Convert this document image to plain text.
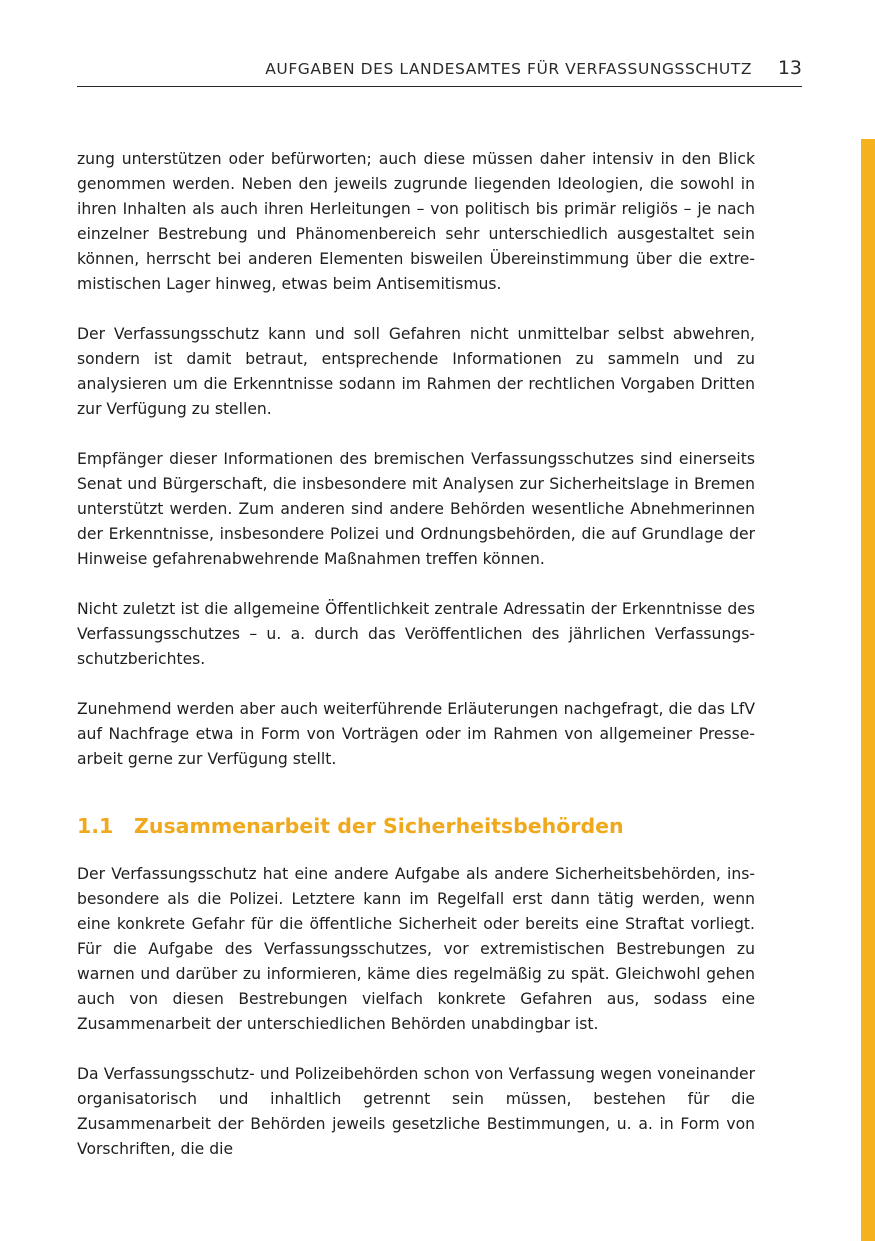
AUFGABEN DES LANDESAMTES FÜR VERFASSUNGSSCHUTZ 13

zung unterstützen oder befürworten; auch diese müssen daher intensiv in den Blick genommen werden. Neben den jeweils zugrunde liegenden Ideologien, die sowohl in ihren Inhalten als auch ihren Herleitungen – von politisch bis primär religiös – je nach einzelner Bestrebung und Phänomenbereich sehr unterschiedlich ausgestaltet sein können, herrscht bei anderen Elementen bisweilen Übereinstimmung über die extremistischen Lager hinweg, etwas beim Antisemitismus.

Der Verfassungsschutz kann und soll Gefahren nicht unmittelbar selbst abwehren, sondern ist damit betraut, entsprechende Informationen zu sammeln und zu analysieren um die Erkenntnisse sodann im Rahmen der rechtlichen Vorgaben Dritten zur Verfügung zu stellen.

Empfänger dieser Informationen des bremischen Verfassungsschutzes sind einerseits Senat und Bürgerschaft, die insbesondere mit Analysen zur Sicherheitslage in Bremen unterstützt werden. Zum anderen sind andere Behörden wesentliche Abnehmerinnen der Erkenntnisse, insbesondere Polizei und Ordnungsbehörden, die auf Grundlage der Hinweise gefahrenabwehrende Maßnahmen treffen können.

Nicht zuletzt ist die allgemeine Öffentlichkeit zentrale Adressatin der Erkenntnisse des Verfassungsschutzes – u. a. durch das Veröffentlichen des jährlichen Verfassungsschutzberichtes.

Zunehmend werden aber auch weiterführende Erläuterungen nachgefragt, die das LfV auf Nachfrage etwa in Form von Vorträgen oder im Rahmen von allgemeiner Pressearbeit gerne zur Verfügung stellt.

1.1 Zusammenarbeit der Sicherheitsbehörden

Der Verfassungsschutz hat eine andere Aufgabe als andere Sicherheitsbehörden, insbesondere als die Polizei. Letztere kann im Regelfall erst dann tätig werden, wenn eine konkrete Gefahr für die öffentliche Sicherheit oder bereits eine Straftat vorliegt. Für die Aufgabe des Verfassungsschutzes, vor extremistischen Bestrebungen zu warnen und darüber zu informieren, käme dies regelmäßig zu spät. Gleichwohl gehen auch von diesen Bestrebungen vielfach konkrete Gefahren aus, sodass eine Zusammenarbeit der unterschiedlichen Behörden unabdingbar ist.

Da Verfassungsschutz- und Polizeibehörden schon von Verfassung wegen voneinander organisatorisch und inhaltlich getrennt sein müssen, bestehen für die Zusammenarbeit der Behörden jeweils gesetzliche Bestimmungen, u. a. in Form von Vorschriften, die die
